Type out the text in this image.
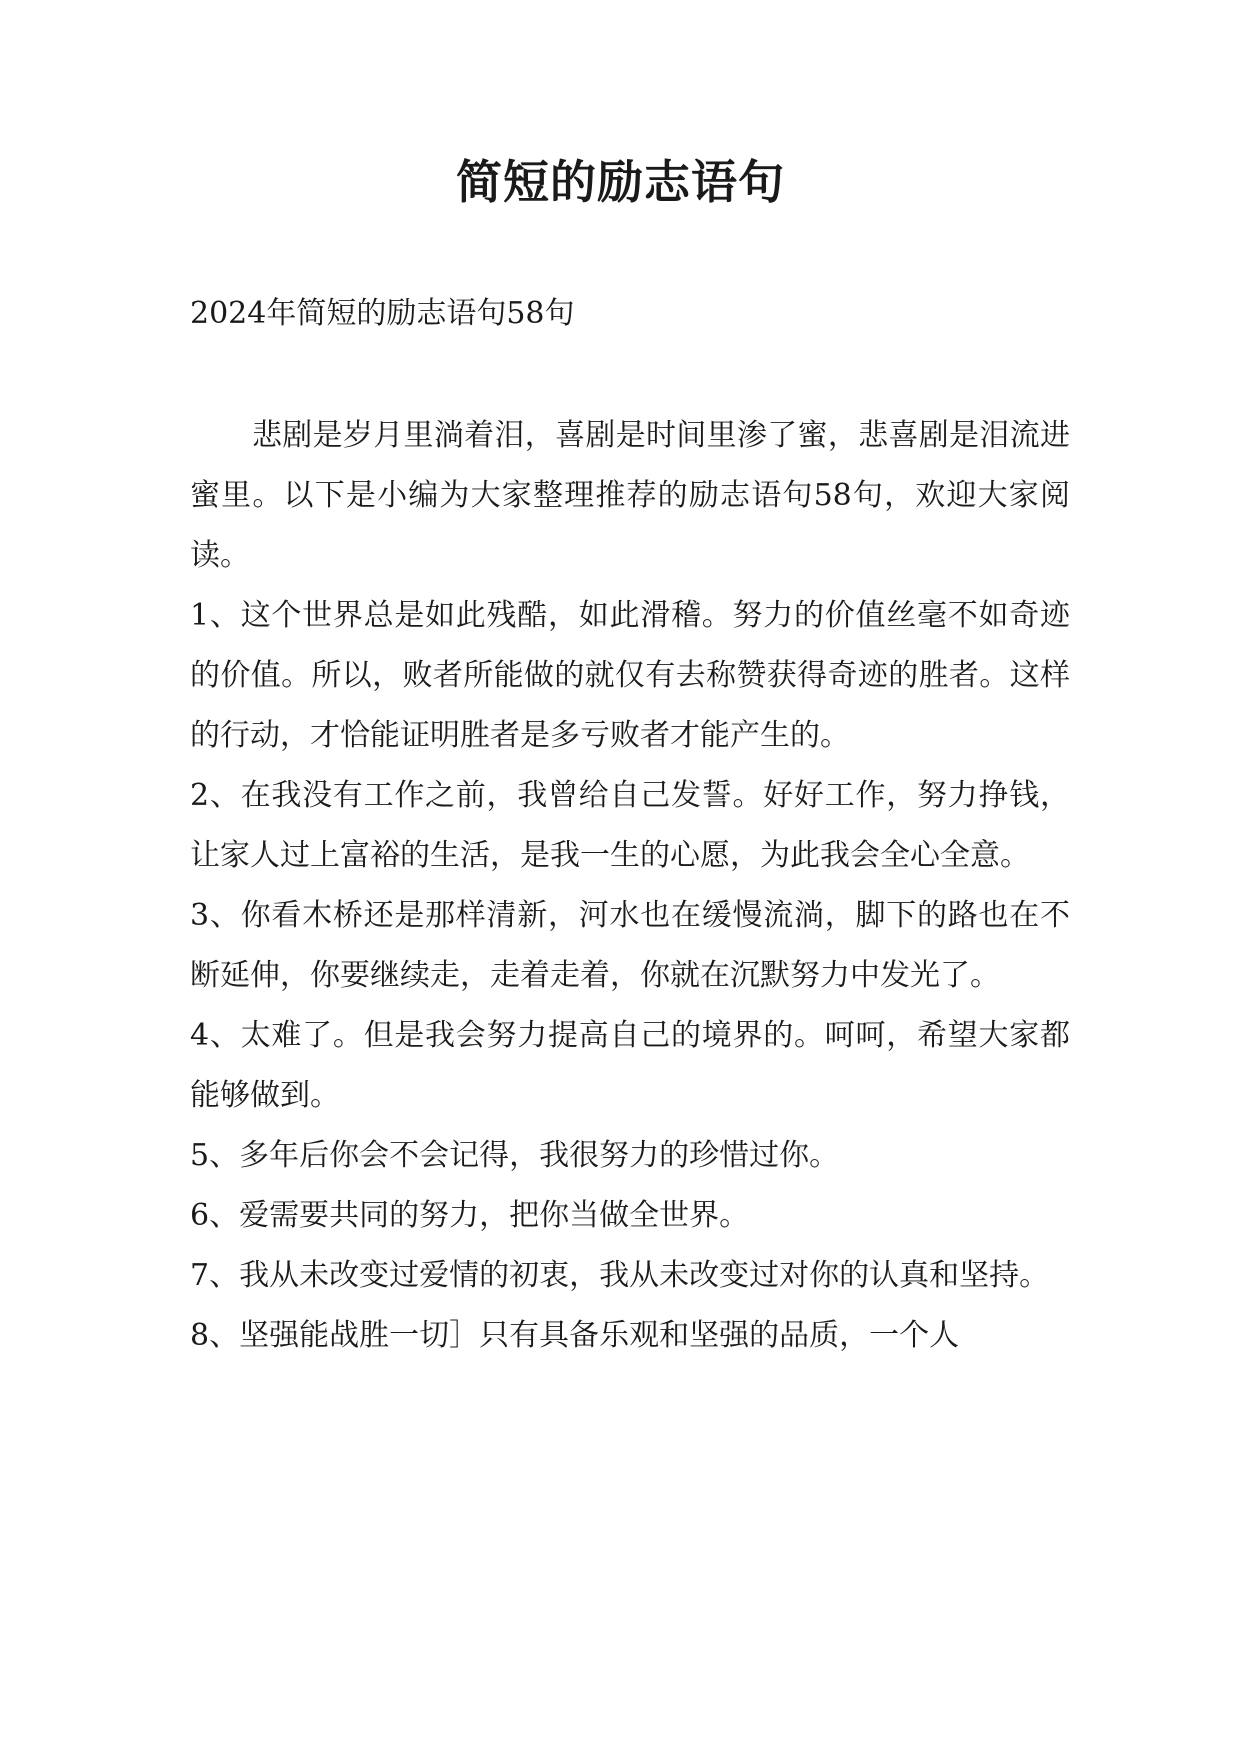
简短的励志语句
2024年简短的励志语句58句

悲剧是岁月里淌着泪，喜剧是时间里渗了蜜，悲喜剧是泪流进蜜里。以下是小编为大家整理推荐的励志语句58句，欢迎大家阅读。

1、这个世界总是如此残酷，如此滑稽。努力的价值丝毫不如奇迹的价值。所以，败者所能做的就仅有去称赞获得奇迹的胜者。这样的行动，才恰能证明胜者是多亏败者才能产生的。

2、在我没有工作之前，我曾给自己发誓。好好工作，努力挣钱，让家人过上富裕的生活，是我一生的心愿，为此我会全心全意。

3、你看木桥还是那样清新，河水也在缓慢流淌，脚下的路也在不断延伸，你要继续走，走着走着，你就在沉默努力中发光了。

4、太难了。但是我会努力提高自己的境界的。呵呵，希望大家都能够做到。

5、多年后你会不会记得，我很努力的珍惜过你。

6、爱需要共同的努力，把你当做全世界。

7、我从未改变过爱情的初衷，我从未改变过对你的认真和坚持。

8、坚强能战胜一切］只有具备乐观和坚强的品质，一个人
